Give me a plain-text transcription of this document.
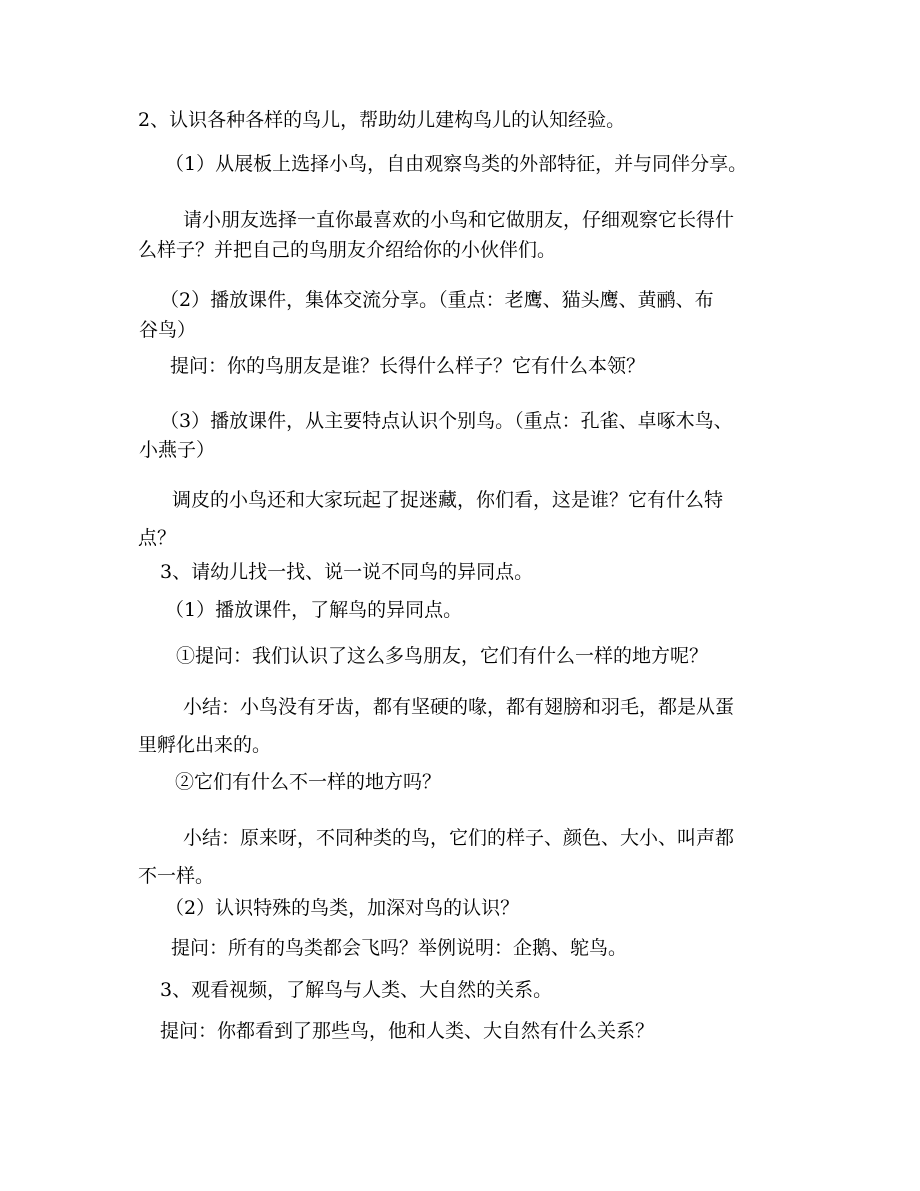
2、认识各种各样的鸟儿，帮助幼儿建构鸟儿的认知经验。
（1）从展板上选择小鸟，自由观察鸟类的外部特征，并与同伴分享。
请小朋友选择一直你最喜欢的小鸟和它做朋友，仔细观察它长得什
么样子？并把自己的鸟朋友介绍给你的小伙伴们。
（2）播放课件，集体交流分享。（重点：老鹰、猫头鹰、黄鹂、布
谷鸟）
提问：你的鸟朋友是谁？长得什么样子？它有什么本领？
（3）播放课件，从主要特点认识个别鸟。（重点：孔雀、卓啄木鸟、
小燕子）
调皮的小鸟还和大家玩起了捉迷藏，你们看，这是谁？它有什么特
点？
3、请幼儿找一找、说一说不同鸟的异同点。
（1）播放课件，了解鸟的异同点。
①提问：我们认识了这么多鸟朋友，它们有什么一样的地方呢？
小结：小鸟没有牙齿，都有坚硬的喙，都有翅膀和羽毛，都是从蛋
里孵化出来的。
②它们有什么不一样的地方吗？
小结：原来呀，不同种类的鸟，它们的样子、颜色、大小、叫声都
不一样。
（2）认识特殊的鸟类，加深对鸟的认识？
提问：所有的鸟类都会飞吗？举例说明：企鹅、鸵鸟。
3、观看视频，了解鸟与人类、大自然的关系。
提问：你都看到了那些鸟，他和人类、大自然有什么关系？
